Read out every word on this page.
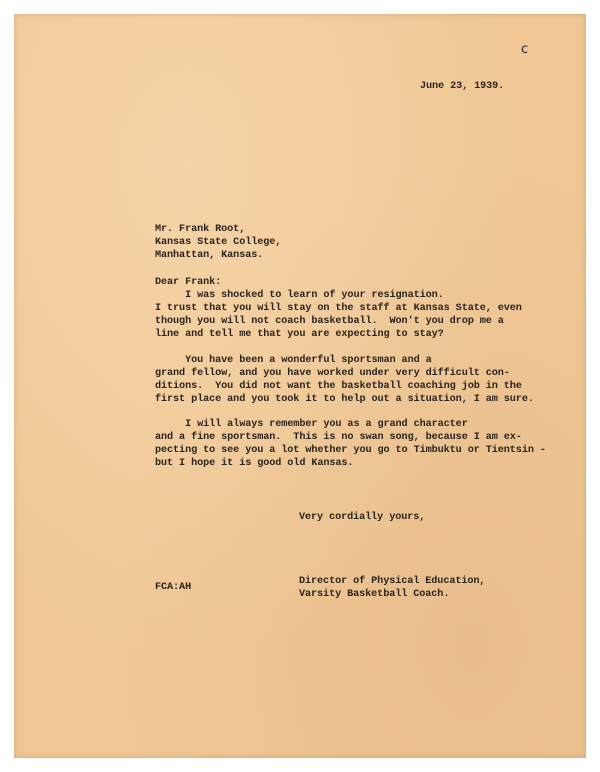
c
June 23, 1939.
Mr. Frank Root,
Kansas State College,
Manhattan, Kansas.
Dear Frank:
I was shocked to learn of your resignation.
I trust that you will stay on the staff at Kansas State, even
though you will not coach basketball.  Won't you drop me a
line and tell me that you are expecting to stay?
You have been a wonderful sportsman and a
grand fellow, and you have worked under very difficult con-
ditions.  You did not want the basketball coaching job in the
first place and you took it to help out a situation, I am sure.
I will always remember you as a grand character
and a fine sportsman.  This is no swan song, because I am ex-
pecting to see you a lot whether you go to Timbuktu or Tientsin -
but I hope it is good old Kansas.
Very cordially yours,
FCA:AH
Director of Physical Education,
Varsity Basketball Coach.
